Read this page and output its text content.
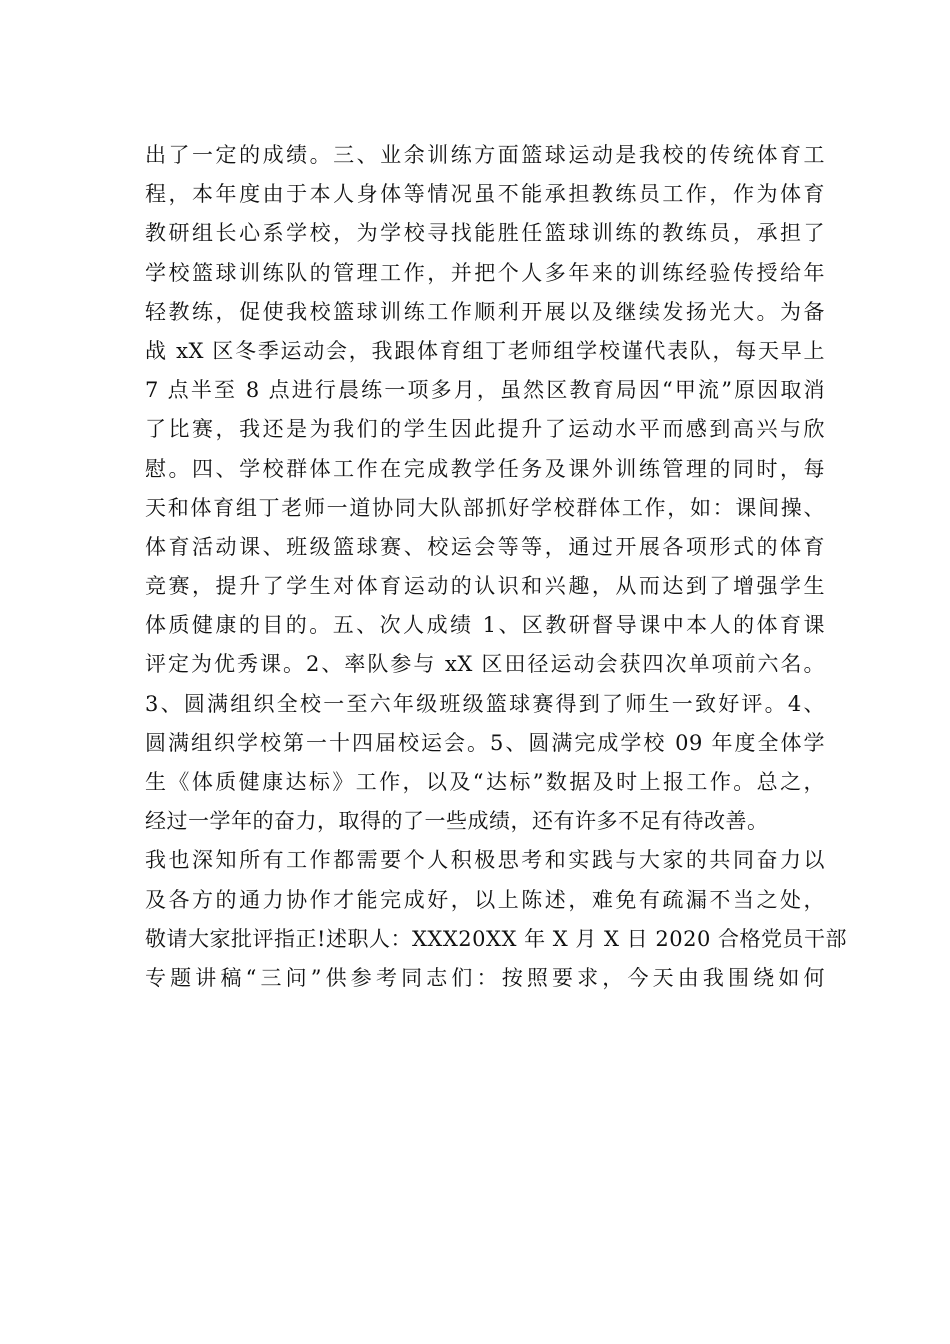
出了一定的成绩。三、业余训练方面篮球运动是我校的传统体育工
程，本年度由于本人身体等情况虽不能承担教练员工作，作为体育
教研组长心系学校，为学校寻找能胜任篮球训练的教练员，承担了
学校篮球训练队的管理工作，并把个人多年来的训练经验传授给年
轻教练，促使我校篮球训练工作顺利开展以及继续发扬光大。为备
战 xX 区冬季运动会，我跟体育组丁老师组学校谨代表队，每天早上
7 点半至 8 点进行晨练一项多月，虽然区教育局因“甲流”原因取消
了比赛，我还是为我们的学生因此提升了运动水平而感到高兴与欣
慰。四、学校群体工作在完成教学任务及课外训练管理的同时，每
天和体育组丁老师一道协同大队部抓好学校群体工作，如：课间操、
体育活动课、班级篮球赛、校运会等等，通过开展各项形式的体育
竞赛，提升了学生对体育运动的认识和兴趣，从而达到了增强学生
体质健康的目的。五、次人成绩 1、区教研督导课中本人的体育课
评定为优秀课。2、率队参与 xX 区田径运动会获四次单项前六名。
3、圆满组织全校一至六年级班级篮球赛得到了师生一致好评。4、
圆满组织学校第一十四届校运会。5、圆满完成学校 09 年度全体学
生《体质健康达标》工作，以及“达标”数据及时上报工作。总之，
经过一学年的奋力，取得的了一些成绩，还有许多不足有待改善。
我也深知所有工作都需要个人积极思考和实践与大家的共同奋力以
及各方的通力协作才能完成好，以上陈述，难免有疏漏不当之处，
敬请大家批评指正!述职人：XXX20XX 年 X 月 X 日 2020 合格党员干部
专题讲稿“三问”供参考同志们：按照要求，今天由我围绕如何
